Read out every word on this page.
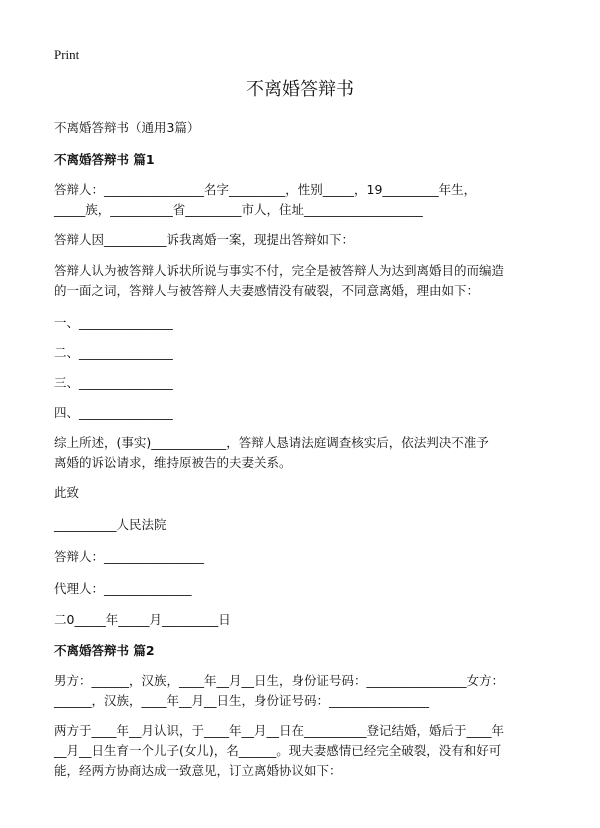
Print
不离婚答辩书
不离婚答辩书（通用3篇）
不离婚答辩书 篇1
答辩人：________________名字_________，性别_____，19_________年生，
_____族，__________省_________市人，住址___________________
答辩人因__________诉我离婚一案，现提出答辩如下：
答辩人认为被答辩人诉状所说与事实不付，完全是被答辩人为达到离婚目的而编造
的一面之词，答辩人与被答辩人夫妻感情没有破裂，不同意离婚，理由如下：
一、_______________
二、_______________
三、_______________
四、_______________
综上所述，(事实)____________，答辩人恳请法庭调查核实后，依法判决不准予
离婚的诉讼请求，维持原被告的夫妻关系。
此致
__________人民法院
答辩人：________________
代理人：______________
二0_____年_____月_________日
不离婚答辩书 篇2
男方：______，汉族，____年__月__日生，身份证号码：________________女方：
______，汉族，____年__月__日生，身份证号码：________________
两方于____年__月认识，于____年__月__日在__________登记结婚，婚后于____年
__月__日生育一个儿子(女儿)，名______。现夫妻感情已经完全破裂，没有和好可
能，经两方协商达成一致意见，订立离婚协议如下：
